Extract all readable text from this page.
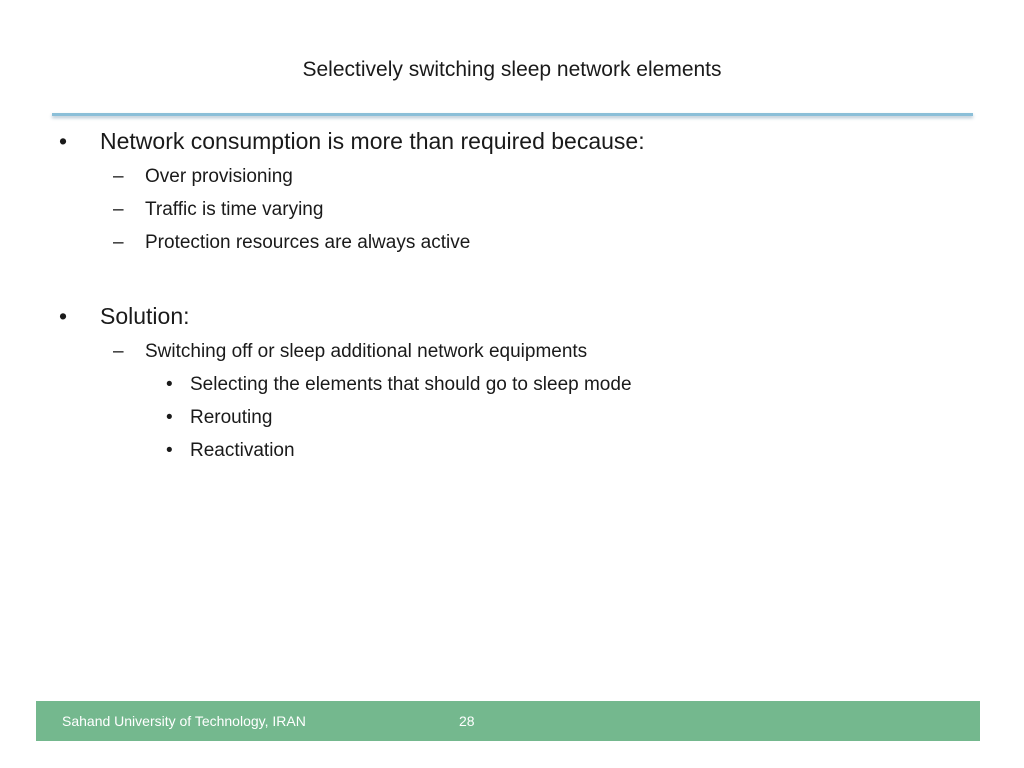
Selectively switching sleep network elements
• Network consumption is more than required because:
– Over provisioning
– Traffic is time varying
– Protection resources are always active
• Solution:
– Switching off or sleep additional network equipments
• Selecting the elements that should go to sleep mode
• Rerouting
• Reactivation
Sahand University of Technology, IRAN	28
